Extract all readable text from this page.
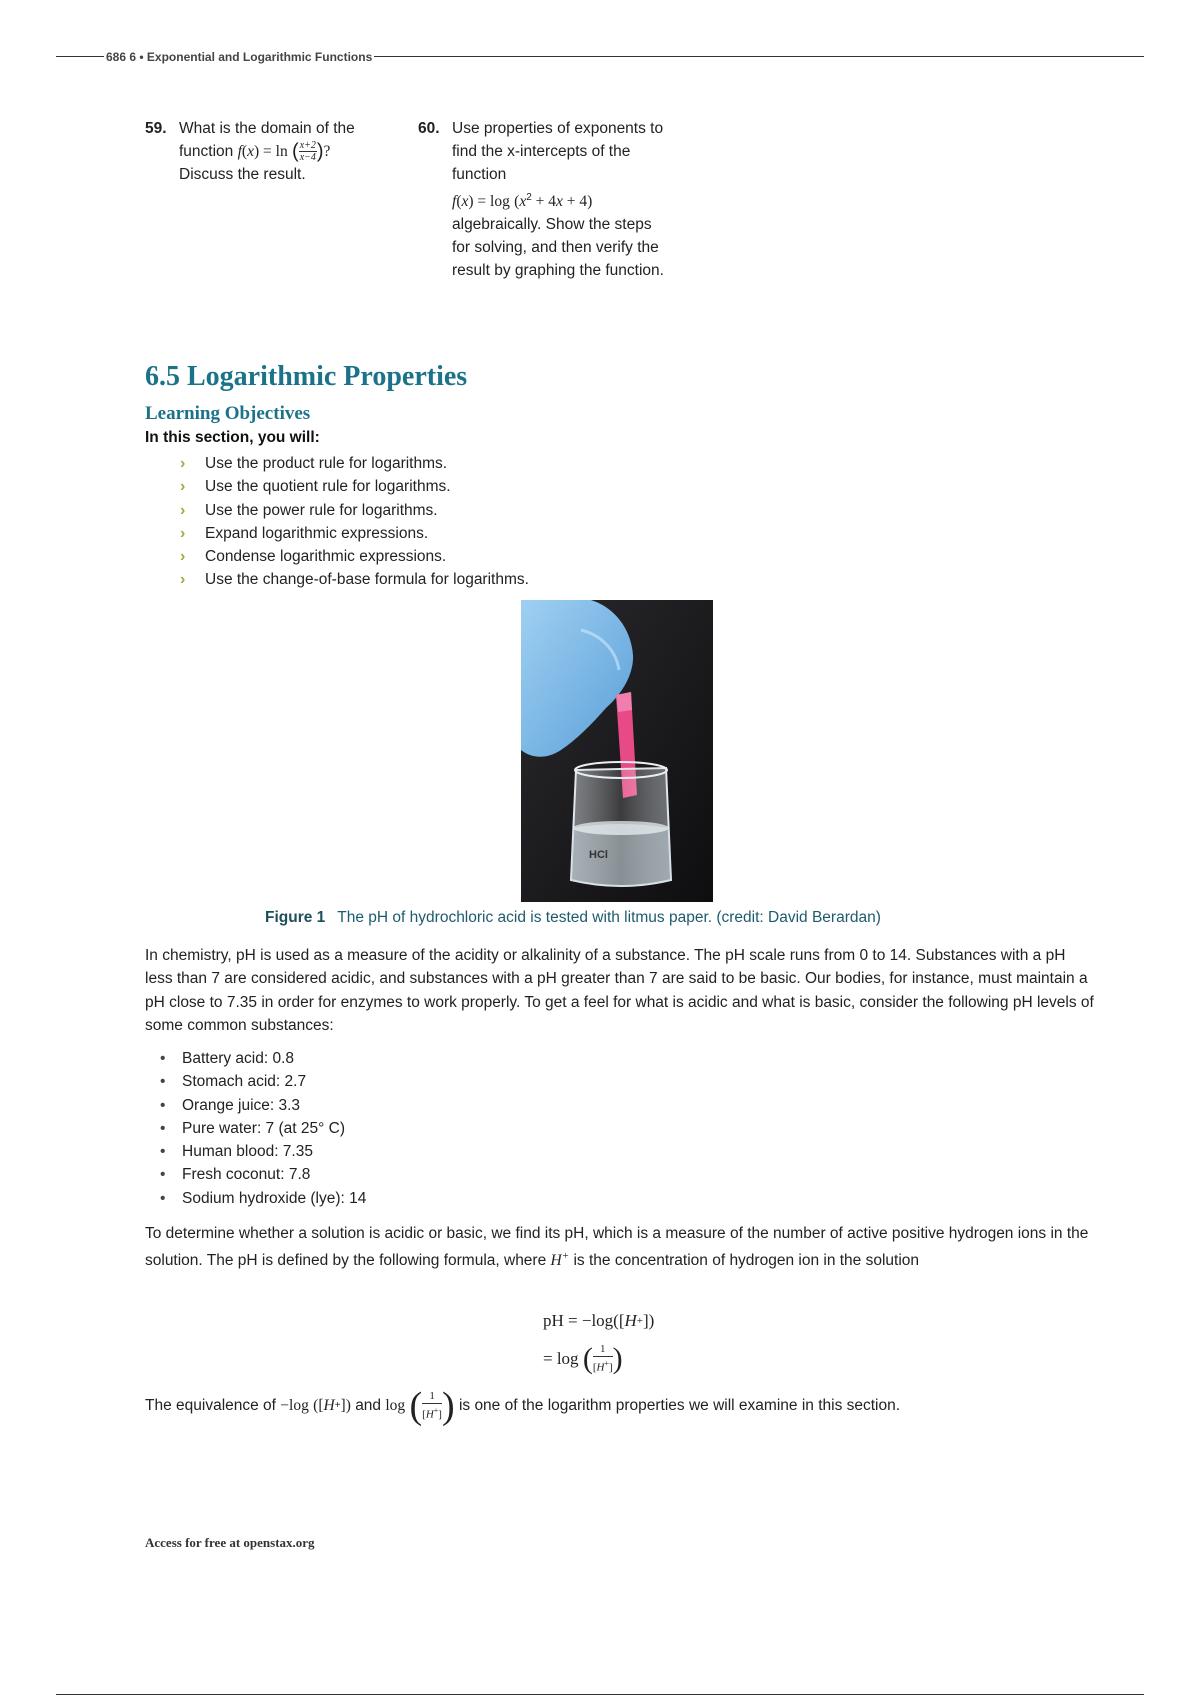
686 6 • Exponential and Logarithmic Functions
59. What is the domain of the
function f(x) = ln ( $\frac{x+2}{x-4}$ )?
Discuss the result.
60. Use properties of exponents to find the x-intercepts of the function
$f(x) = \log (x^2 + 4x + 4)$
algebraically. Show the steps for solving, and then verify the result by graphing the function.
6.5 Logarithmic Properties
Learning Objectives
In this section, you will:
› Use the product rule for logarithms.
› Use the quotient rule for logarithms.
› Use the power rule for logarithms.
› Expand logarithmic expressions.
› Condense logarithmic expressions.
› Use the change-of-base formula for logarithms.
HCl
Figure 1 The pH of hydrochloric acid is tested with litmus paper. (credit: David Berardan)

In chemistry, pH is used as a measure of the acidity or alkalinity of a substance. The pH scale runs from 0 to 14. Substances with a pH less than 7 are considered acidic, and substances with a pH greater than 7 are said to be basic. Our bodies, for instance, must maintain a pH close to 7.35 in order for enzymes to work properly. To get a feel for what is acidic and what is basic, consider the following pH levels of some common substances:

• Battery acid: 0.8
• Stomach acid: 2.7
• Orange juice: 3.3
• Pure water: 7 (at 25° C)
• Human blood: 7.35
• Fresh coconut: 7.8
• Sodium hydroxide (lye): 14

To determine whether a solution is acidic or basic, we find its pH, which is a measure of the number of active positive hydrogen ions in the solution. The pH is defined by the following formula, where H+ is the concentration of hydrogen ion in the solution

pH = −log([ H + ])
= log
( $\frac{1}{[H^+]}$ )
The equivalence of
−log
([ H + ])
and
log
( $\frac{1}{[H^+]}$ )
is one of the logarithm properties we will examine in this section.
Access for free at openstax.org
